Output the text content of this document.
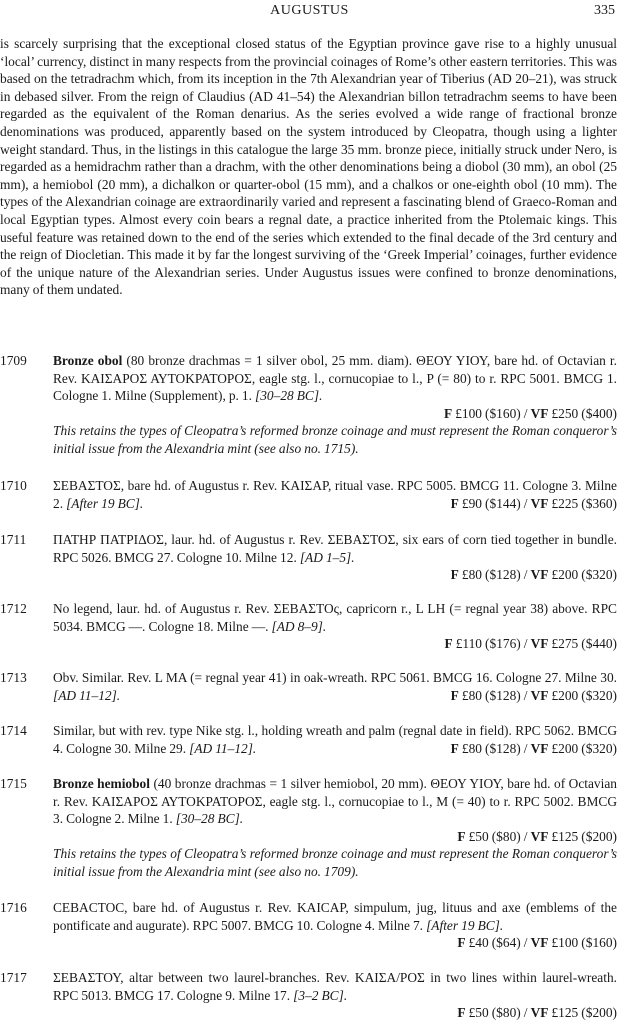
AUGUSTUS	335

is scarcely surprising that the exceptional closed status of the Egyptian province gave rise to a highly unusual ‘local’ currency, distinct in many respects from the provincial coinages of Rome’s other eastern territories. This was based on the tetradrachm which, from its inception in the 7th Alexandrian year of Tiberius (AD 20–21), was struck in debased silver. From the reign of Claudius (AD 41–54) the Alexandrian billon tetradrachm seems to have been regarded as the equivalent of the Roman denarius. As the series evolved a wide range of fractional bronze denominations was produced, apparently based on the system introduced by Cleopatra, though using a lighter weight standard. Thus, in the listings in this catalogue the large 35 mm. bronze piece, initially struck under Nero, is regarded as a hemidrachm rather than a drachm, with the other denominations being a diobol (30 mm), an obol (25 mm), a hemiobol (20 mm), a dichalkon or quarter-obol (15 mm), and a chalkos or one-eighth obol (10 mm). The types of the Alexandrian coinage are extraordinarily varied and represent a fascinating blend of Graeco-Roman and local Egyptian types. Almost every coin bears a regnal date, a practice inherited from the Ptolemaic kings. This useful feature was retained down to the end of the series which extended to the final decade of the 3rd century and the reign of Diocletian. This made it by far the longest surviving of the ‘Greek Imperial’ coinages, further evidence of the unique nature of the Alexandrian series. Under Augustus issues were confined to bronze denominations, many of them undated.

1709	Bronze obol (80 bronze drachmas = 1 silver obol, 25 mm. diam). ΘΕΟΥ ΥΙΟΥ, bare hd. of Octavian r. Rev. ΚΑΙΣΑΡΟΣ ΑΥΤΟΚΡΑΤΟΡΟΣ, eagle stg. l., cornucopiae to l., P (= 80) to r. RPC 5001. BMCG 1. Cologne 1. Milne (Supplement), p. 1. [30–28 BC].
F £100 ($160) / VF £250 ($400)
This retains the types of Cleopatra’s reformed bronze coinage and must represent the Roman conqueror’s initial issue from the Alexandria mint (see also no. 1715).
1710	ΣΕΒΑΣΤΟΣ, bare hd. of Augustus r. Rev. ΚΑΙΣΑΡ, ritual vase. RPC 5005. BMCG 11. Cologne 3. Milne 2. [After 19 BC].	F £90 ($144) / VF £225 ($360)
1711	ΠΑΤΗΡ ΠΑΤΡΙΔΟΣ, laur. hd. of Augustus r. Rev. ΣΕΒΑΣΤΟΣ, six ears of corn tied together in bundle. RPC 5026. BMCG 27. Cologne 10. Milne 12. [AD 1–5].
F £80 ($128) / VF £200 ($320)
1712	No legend, laur. hd. of Augustus r. Rev. ΣΕΒΑΣΤΟς, capricorn r., L LH (= regnal year 38) above. RPC 5034. BMCG —. Cologne 18. Milne —. [AD 8–9].
F £110 ($176) / VF £275 ($440)
1713	Obv. Similar. Rev. L MA (= regnal year 41) in oak-wreath. RPC 5061. BMCG 16. Cologne 27. Milne 30. [AD 11–12].	F £80 ($128) / VF £200 ($320)
1714	Similar, but with rev. type Nike stg. l., holding wreath and palm (regnal date in field). RPC 5062. BMCG 4. Cologne 30. Milne 29. [AD 11–12].	F £80 ($128) / VF £200 ($320)
1715	Bronze hemiobol (40 bronze drachmas = 1 silver hemiobol, 20 mm). ΘΕΟΥ ΥΙΟΥ, bare hd. of Octavian r. Rev. ΚΑΙΣΑΡΟΣ ΑΥΤΟΚΡΑΤΟΡΟΣ, eagle stg. l., cornucopiae to l., M (= 40) to r. RPC 5002. BMCG 3. Cologne 2. Milne 1. [30–28 BC].
F £50 ($80) / VF £125 ($200)
This retains the types of Cleopatra’s reformed bronze coinage and must represent the Roman conqueror’s initial issue from the Alexandria mint (see also no. 1709).
1716	CEBACTOC, bare hd. of Augustus r. Rev. KAICAP, simpulum, jug, lituus and axe (emblems of the pontificate and augurate). RPC 5007. BMCG 10. Cologne 4. Milne 7. [After 19 BC].
F £40 ($64) / VF £100 ($160)
1717	ΣΕΒΑΣΤΟΥ, altar between two laurel-branches. Rev. ΚΑΙΣΑ/ΡΟΣ in two lines within laurel-wreath. RPC 5013. BMCG 17. Cologne 9. Milne 17. [3–2 BC].
F £50 ($80) / VF £125 ($200)
